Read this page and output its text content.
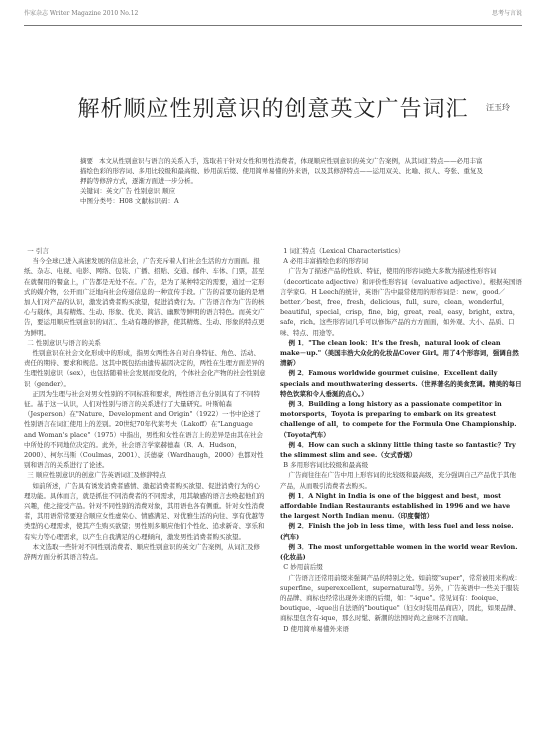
作家杂志 Writer Magazine 2010 No.12	思考与言说
解析顺应性别意识的创意英文广告词汇 汪玉玲

摘要 本文从性别意识与语言的关系入手，选取若干针对女性和男性消费者，体现顺应性别意识的英文广告案例，从其词汇特点——必用丰富描绘色彩的形容词、多用比较级和最高级、妙用前后缀、使用简单易懂的外来语，以及其修辞特点——运用双关、比喻、拟人、夸张、重复及押韵等修辞方式，逐渐方面进一步分析。

关键词：英文广告 性别意识 顺应

中图分类号：H08 文献标识码：A

一 引言

当今全球已进入高速发展的信息社会，广告充斥着人们社会生活的方方面面。报纸、杂志、电视、电影、网络、包装、广播、招贴、交通、邮件、车体、门票，甚至在就餐用的餐盒上，广告都是无处不在。广告，是为了某种特定的需要，通过一定形式的媒介物，公开而广泛地向社会传递信息的一种宣传手段。广告的首要功能的是增加人们对产品的认识，激发消费者购买欲望，促进消费行为。广告语言作为广告的核心与载体，具有精炼、生动、形象、优美、简洁、幽默等鲜明的语言特色。而英文广告，要运用顺应性别意识的词汇、生动有趣的修辞，使其精炼、生动、形象的特点更为鲜明。

二 性别意识与语言的关系

性别意识在社会文化形成中的形成，指男女两性各自对自身特征、角色、活动、责任的期待、要求和规范。这其中既包括由遗传基因决定的，两性在生理方面差异的生理性别意识（sex），也包括随着社会发展而变化的，个体社会化产物的社会性别意识（gender）。

正因为生理与社会对男女性别的不同标准和要求，两性语言也分别具有了不同特征。基于这一认识，人们对性别与语言的关系进行了大量研究。叶斯帕森（Jesperson）在"Nature、Development and Origin"（1922）一书中论述了性别语言在词汇使用上的差别。20世纪70年代莱考夫（Lakoff）在"Language and Woman's place"（1975）中指出，男性和女性在语言上的差异是由其在社会中所处的不同地位决定的。此外，社会语言学家赫德森（R．A．Hudson，2000）、柯尔马斯（Coulmas，2001）、沃德豪（Wardhaugh，2000）也都对性别和语言的关系进行了论述。

三 顺应性别意识的创意广告英语词汇及修辞特点

如前所述，广告具有诱发消费者感情、激起消费者购买欲望、促进消费行为的心理功能。具体而言，就是抓住不同消费者的不同需求，用其敏感的语言去唤起他们的兴趣，使之接受产品。针对不同性别的消费对象，其用语也各有侧重。针对女性消费者，其用语常常要迎合顺应女性虚荣心、情感满足、对优雅生活的向往、享有优越等类型的心理需求，使其产生购买欲望；男性则多顺应他们个性化、追求新奇、享乐和有实力等心理需求，以产生自我满足的心理倾向，激发男性消费者购买欲望。

本文选取一些针对不同性别消费者、顺应性别意识的英文广告案例，从词汇及修辞两方面分析其语言特点。

1 词汇特点（Lexical Characteristics）

A 必用丰富描绘色彩的形容词

广告为了描述产品的性质、特征，使用的形容词绝大多数为描述性形容词（decorticate adjective）和评价性形容词（evaluative adjective）。根据英国语言学家G．H Leech的统计，英语广告中最常使用的形容词是：new，good／better／best，free，fresh，delicious，full，sure，clean，wonderful，beautiful，special，crisp，fine，big，great，real，easy，bright，extra，safe，rich。这些形容词几乎可以修饰产品的方方面面，如外观、大小、品质、口味、特点、用途等。

例 1．"The clean look：It's the fresh，natural look of clean make－up."（美国丰浩大众化的化妆品Cover Girl。用了4个形容词，强调自然清新）

例 2．Famous worldwide gourmet cuisine．Excellent daily specials and mouthwatering desserts.（世界著名的美食烹调。精美的每日特色饮菜和令人垂涎的点心。）

例 3．Building a long history as a passionate competitor in motorsports，Toyota is preparing to embark on its greatest challenge of all，to compete for the Formula One Championship.（Toyota汽车）

例 4．How can such a skinny little thing taste so fantastic？Try the slimmest slim and see.（女式香烟）

B 多用形容词比较级和最高级

广告商往往在广告中用上形容词的比较级和最高级，充分强调自己产品优于其他产品，从而吸引消费者去购买。

例 1．A Night in India is one of the biggest and best，most affordable Indian Restaurants established in 1996 and we have the largest North Indian menu.（印度餐馆）

例 2．Finish the job in less time，with less fuel and less noise.(汽车)

例 3．The most unforgettable women in the world wear Revlon.(化妆品)

C 妙用前后缀

广告语言还常用前缀来强调产品的特别之处。如前缀"super"，常常被用来构成：superfine，superexcellent，supernatural等。另外，广告英语中一些关于服装的品牌、商标也经常出现外来语的后缀，如："-ique"。常见词有：fooique、boutique、-ique出自法语的"boutique"（妇女时装用品商店），因此，如果品牌、商标里包含有-ique，那么时髦、新潮的法国时尚之意味不言而喻。

D 使用简单易懂外来语
